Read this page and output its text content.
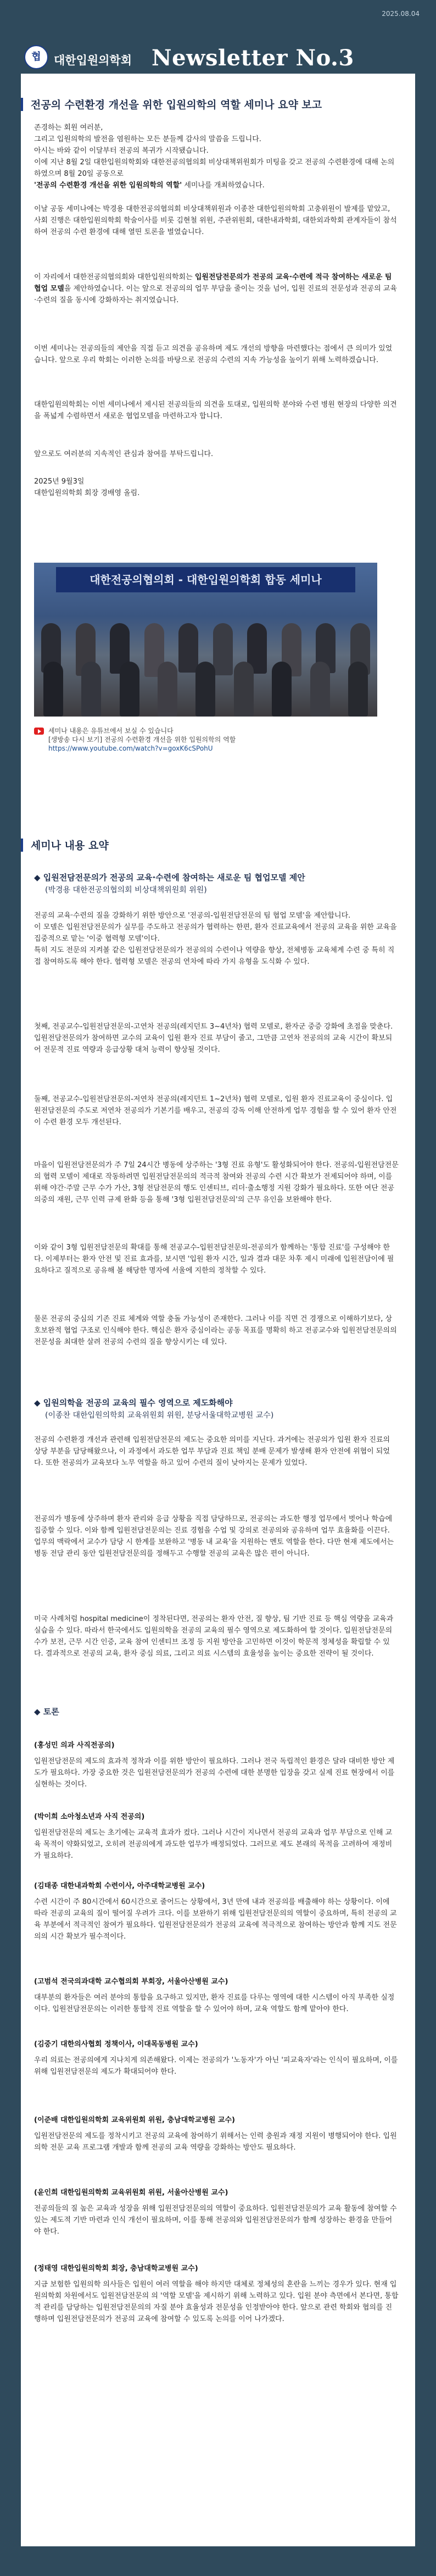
2025.08.04
협	대한입원의학회 Newsletter No.3
전공의 수련환경 개선을 위한 입원의학의 역할 세미나 요약 보고

존경하는 회원 여러분,

그리고 입원의학의 발전을 염원하는 모든 분들께 감사의 말씀을 드립니다.

아시는 바와 같이 이달부터 전공의 복귀가 시작됐습니다.

이에 지난 8월 2일 대한입원의학회와 대한전공의협의회 비상대책위원회가 미팅을 갖고 전공의 수련환경에 대해 논의하였으며 8월 20일 공동으로
'전공의 수련환경 개선을 위한 입원의학의 역할' 세미나를 개최하였습니다.

이날 공동 세미나에는 박경용 대한전공의협의회 비상대책위원과 이종찬 대한입원의학회 고충위원이 발제를 맡았고, 사회 진행은 대한입원의학회 학술이사를 비롯 김현철 위원, 주관위원회, 대한내과학회, 대한외과학회 관계자들이 참석하여 전공의 수련 환경에 대해 열띤 토론을 벌였습니다.

이 자리에서 대한전공의협의회와 대한입원의학회는 입원전담전문의가 전공의 교육·수련에 적극 참여하는 새로운 팀 협업 모델을 제안하였습니다. 이는 앞으로 전공의의 업무 부담을 줄이는 것을 넘어, 입원 진료의 전문성과 전공의 교육·수련의 질을 동시에 강화하자는 취지였습니다.

이번 세미나는 전공의들의 제안을 직접 듣고 의견을 공유하며 제도 개선의 방향을 마련했다는 점에서 큰 의미가 있었습니다. 앞으로 우리 학회는 이러한 논의를 바탕으로 전공의 수련의 지속 가능성을 높이기 위해 노력하겠습니다.

대한입원의학회는 이번 세미나에서 제시된 전공의들의 의견을 토대로, 입원의학 분야와 수련 병원 현장의 다양한 의견을 폭넓게 수렴하면서 새로운 협업모델을 마련하고자 합니다.

앞으로도 여러분의 지속적인 관심과 참여를 부탁드립니다.

2025년 9월3일

대한입원의학회 회장 경배영 올림.

대한전공의협의회 - 대한입원의학회 합동 세미나
세미나 내용은 유튜브에서 보실 수 있습니다
[생방송 다시 보기] 전공의 수련환경 개선을 위한 입원의학의 역할
https://www.youtube.com/watch?v=goxK6cSPohU
세미나 내용 요약
◆ 입원전담전문의가 전공의 교육·수련에 참여하는 새로운 팀 협업모델 제안
(박경용 대한전공의협의회 비상대책위원회 위원)

전공의 교육·수련의 질을 강화하기 위한 방안으로 '전공의-입원전담전문의 팀 협업 모델'을 제안합니다.

이 모델은 입원전담전문의가 실무를 주도하고 전공의가 협력하는 한편, 환자 진료교육에서 전공의 교육을 위한 교육을 집중적으로 맡는 '이중 협력형 모델'이다.

특히 지도 전문의 지켜볼 같은 입원전담전문의가 전공의의 수련이나 역량을 향상, 전체병동 교육체계 수련 중 특히 직접 참여하도록 해야 한다. 협력형 모델은 전공의 연차에 따라 가지 유형을 도식화 수 있다.

첫째, 전공교수-입원전담전문의-고연차 전공의(레지던트 3~4년차) 협력 모델로, 환자군 중증 강화에 초점을 맞춘다. 입원전담전문의가 참여하면 교수의 교육이 입원 환자 진료 부담이 줄고, 그만큼 고연차 전공의의 교육 시간이 확보되어 전문적 진료 역량과 응급상황 대처 능력이 향상될 것이다.

둘째, 전공교수-입원전담전문의-저연차 전공의(레지던트 1~2년차) 협력 모델로, 입원 환자 진료교육이 중심이다. 입원전담전문의 주도로 저연차 전공의가 기본기를 배우고, 전공의 강독 이해 안전하게 업무 경험을 할 수 있어 환자 안전이 수련 환경 모두 개선된다.

마을이 입원전담전문의가 주 7일 24시간 병동에 상주하는 '3형 진료 유형'도 활성화되어야 한다. 전공의-입원전담전문의 협력 모델이 제대로 작동하려면 입원전담전문의의 적극적 참여와 전공의 수련 시간 확보가 전제되어야 하며, 이를 위해 야간·주말 근무 수가 가산, 3형 전담전문의 행도 인센티브, 리더·출소행정 지원 강화가 필요하다. 또한 여단 전공의중의 재원, 근무 인력 규제 완화 등을 통해 '3형 입원전담전문의'의 근무 유인을 보완해야 한다.

이와 같이 3형 입원전담전문의 확대를 통해 전공교수-입원전담전문의-전공의가 함께하는 '통합 진료'를 구성해야 한다. 이제부터는 환자 안전 및 진료 효과를, 보시면 '입원 환자 시간, 일과 결과 대문 차후 제시 미래에 입원전담이에 필요하다고 질적으로 공유해 볼 해당한 명자에 서울에 지한의 정착할 수 있다.

물론 전공의 중심의 기존 진료 체계와 역할 충돌 가능성이 존재한다. 그러나 이를 직면 건 경쟁으로 이해하기보다, 상호보완적 협업 구조로 인식해야 한다. 핵심은 환자 중심이라는 공동 목표를 명확히 하고 전공교수와 입원전담전문의의 전문성을 최대한 살려 전공의 수련의 질을 향상시키는 데 있다.

◆ 입원의학을 전공의 교육의 필수 영역으로 제도화해야
(이종찬 대한입원의학회 교육위원회 위원, 분당서울대학교병원 교수)

전공의 수련환경 개선과 관련해 입원전담전문의 제도는 중요한 의미를 지닌다. 과거에는 전공의가 입원 환자 진료의 상당 부분을 담당해왔으나, 이 과정에서 과도한 업무 부담과 진료 책임 분배 문제가 발생해 환자 안전에 위협이 되었다. 또한 전공의가 교육보다 노무 역할을 하고 있어 수련의 질이 낮아지는 문제가 있었다.

전공의가 병동에 상주하며 환자 관리와 응급 상황을 직접 담당하므로, 전공의는 과도한 행정 업무에서 벗어나 학습에 집중할 수 있다. 이와 함께 입원전담전문의는 진료 경험을 수업 및 강의로 전공의와 공유하며 업무 효율화를 이끈다. 업무의 맥락에서 교수가 담당 시 한계를 보완하고 '병동 내 교육'을 지원하는 멘토 역할을 한다. 다만 현재 제도에서는 병동 전담 관리 동안 입원전담전문의를 정해두고 수행할 전공의 교육은 많은 편이 아니다.

미국 사례처럼 hospital medicine이 정착된다면, 전공의는 환자 안전, 질 향상, 팀 기반 진료 등 핵심 역량을 교육과 실습을 수 있다. 따라서 한국에서도 입원의학을 전공의 교육의 필수 영역으로 제도화하여 할 것이다. 입원전담전문의 수가 보전, 근무 시간 인증, 교육 참여 인센티브 조정 등 지원 방안을 고민하면 이것이 학문적 정체성을 확립할 수 있다. 결과적으로 전공의 교육, 환자 중심 의료, 그리고 의료 시스템의 효율성을 높이는 중요한 전략이 될 것이다.

◆ 토론

(홍성민 의과 사직전공의)

입원전담전문의 제도의 효과적 정착과 이를 위한 방안이 필요하다. 그러나 전국 독립적인 환경은 달라 대비한 방안 제도가 필요하다. 가장 중요한 것은 입원전담전문의가 전공의 수련에 대한 분명한 입장을 갖고 실제 진료 현장에서 이를 실현하는 것이다.

(박이희 소아청소년과 사직 전공의)

입원전담전문의 제도는 초기에는 교육적 효과가 컸다. 그러나 시간이 지나면서 전공의 교육과 업무 부담으로 인해 교육 목적이 약화되었고, 오히려 전공의에게 과도한 업무가 배정되었다. 그러므로 제도 본래의 목적을 고려하여 재정비가 필요하다.

(김태종 대한내과학회 수련이사, 아주대학교병원 교수)

수련 시간이 주 80시간에서 60시간으로 줄어드는 상황에서, 3년 만에 내과 전공의를 배출해야 하는 상황이다. 이에 따라 전공의 교육의 질이 떨어질 우려가 크다. 이를 보완하기 위해 입원전담전문의의 역할이 중요하며, 특히 전공의 교육 부분에서 적극적인 참여가 필요하다. 입원전담전문의가 전공의 교육에 적극적으로 참여하는 방안과 함께 지도 전문의의 시간 확보가 필수적이다.

(고범석 전국의과대학 교수협의회 부회장, 서울아산병원 교수)

대부분의 환자들은 여러 분야의 통합을 요구하고 있지만, 환자 진료를 다루는 영역에 대한 시스템이 아직 부족한 실정이다. 입원전담전문의는 이러한 통합적 진료 역할을 할 수 있어야 하며, 교육 역할도 함께 맡아야 한다.

(김중기 대한의사협회 정책이사, 이대목동병원 교수)

우리 의료는 전공의에게 지나치게 의존해왔다. 이제는 전공의가 '노동자'가 아닌 '피교육자'라는 인식이 필요하며, 이를 위해 입원전담전문의 제도가 확대되어야 한다.

(이준배 대한입원의학회 교육위원회 위원, 충남대학교병원 교수)

입원전담전문의 제도를 정착시키고 전공의 교육에 참여하기 위해서는 인력 충원과 재정 지원이 병행되어야 한다. 입원의학 전문 교육 프로그램 개발과 함께 전공의 교육 역량을 강화하는 방안도 필요하다.

(윤인희 대한입원의학회 교육위원회 위원, 서울아산병원 교수)

전공의들의 질 높은 교육과 성장을 위해 입원전담전문의의 역할이 중요하다. 입원전담전문의가 교육 활동에 참여할 수 있는 제도적 기반 마련과 인식 개선이 필요하며, 이를 통해 전공의와 입원전담전문의가 함께 성장하는 환경을 만들어야 한다.

(정태영 대한입원의학회 회장, 충남대학교병원 교수)

지금 보험한 입원의학 의사들은 입원이 여러 역할을 해야 하지만 대체로 정체성의 혼란을 느끼는 경우가 있다. 현재 입원의학회 차원에서도 입원전담전문의 의 '역할 모델'을 제시하기 위해 노력하고 있다. 입원 분야 측면에서 본다면, 통합적 관리를 담당하는 입원전담전문의의 자질 분야 효율성과 전문성을 인정받아야 한다. 앞으로 관련 학회와 협의를 진행하며 입원전담전문의가 전공의 교육에 참여할 수 있도록 논의를 이어 나가겠다.
